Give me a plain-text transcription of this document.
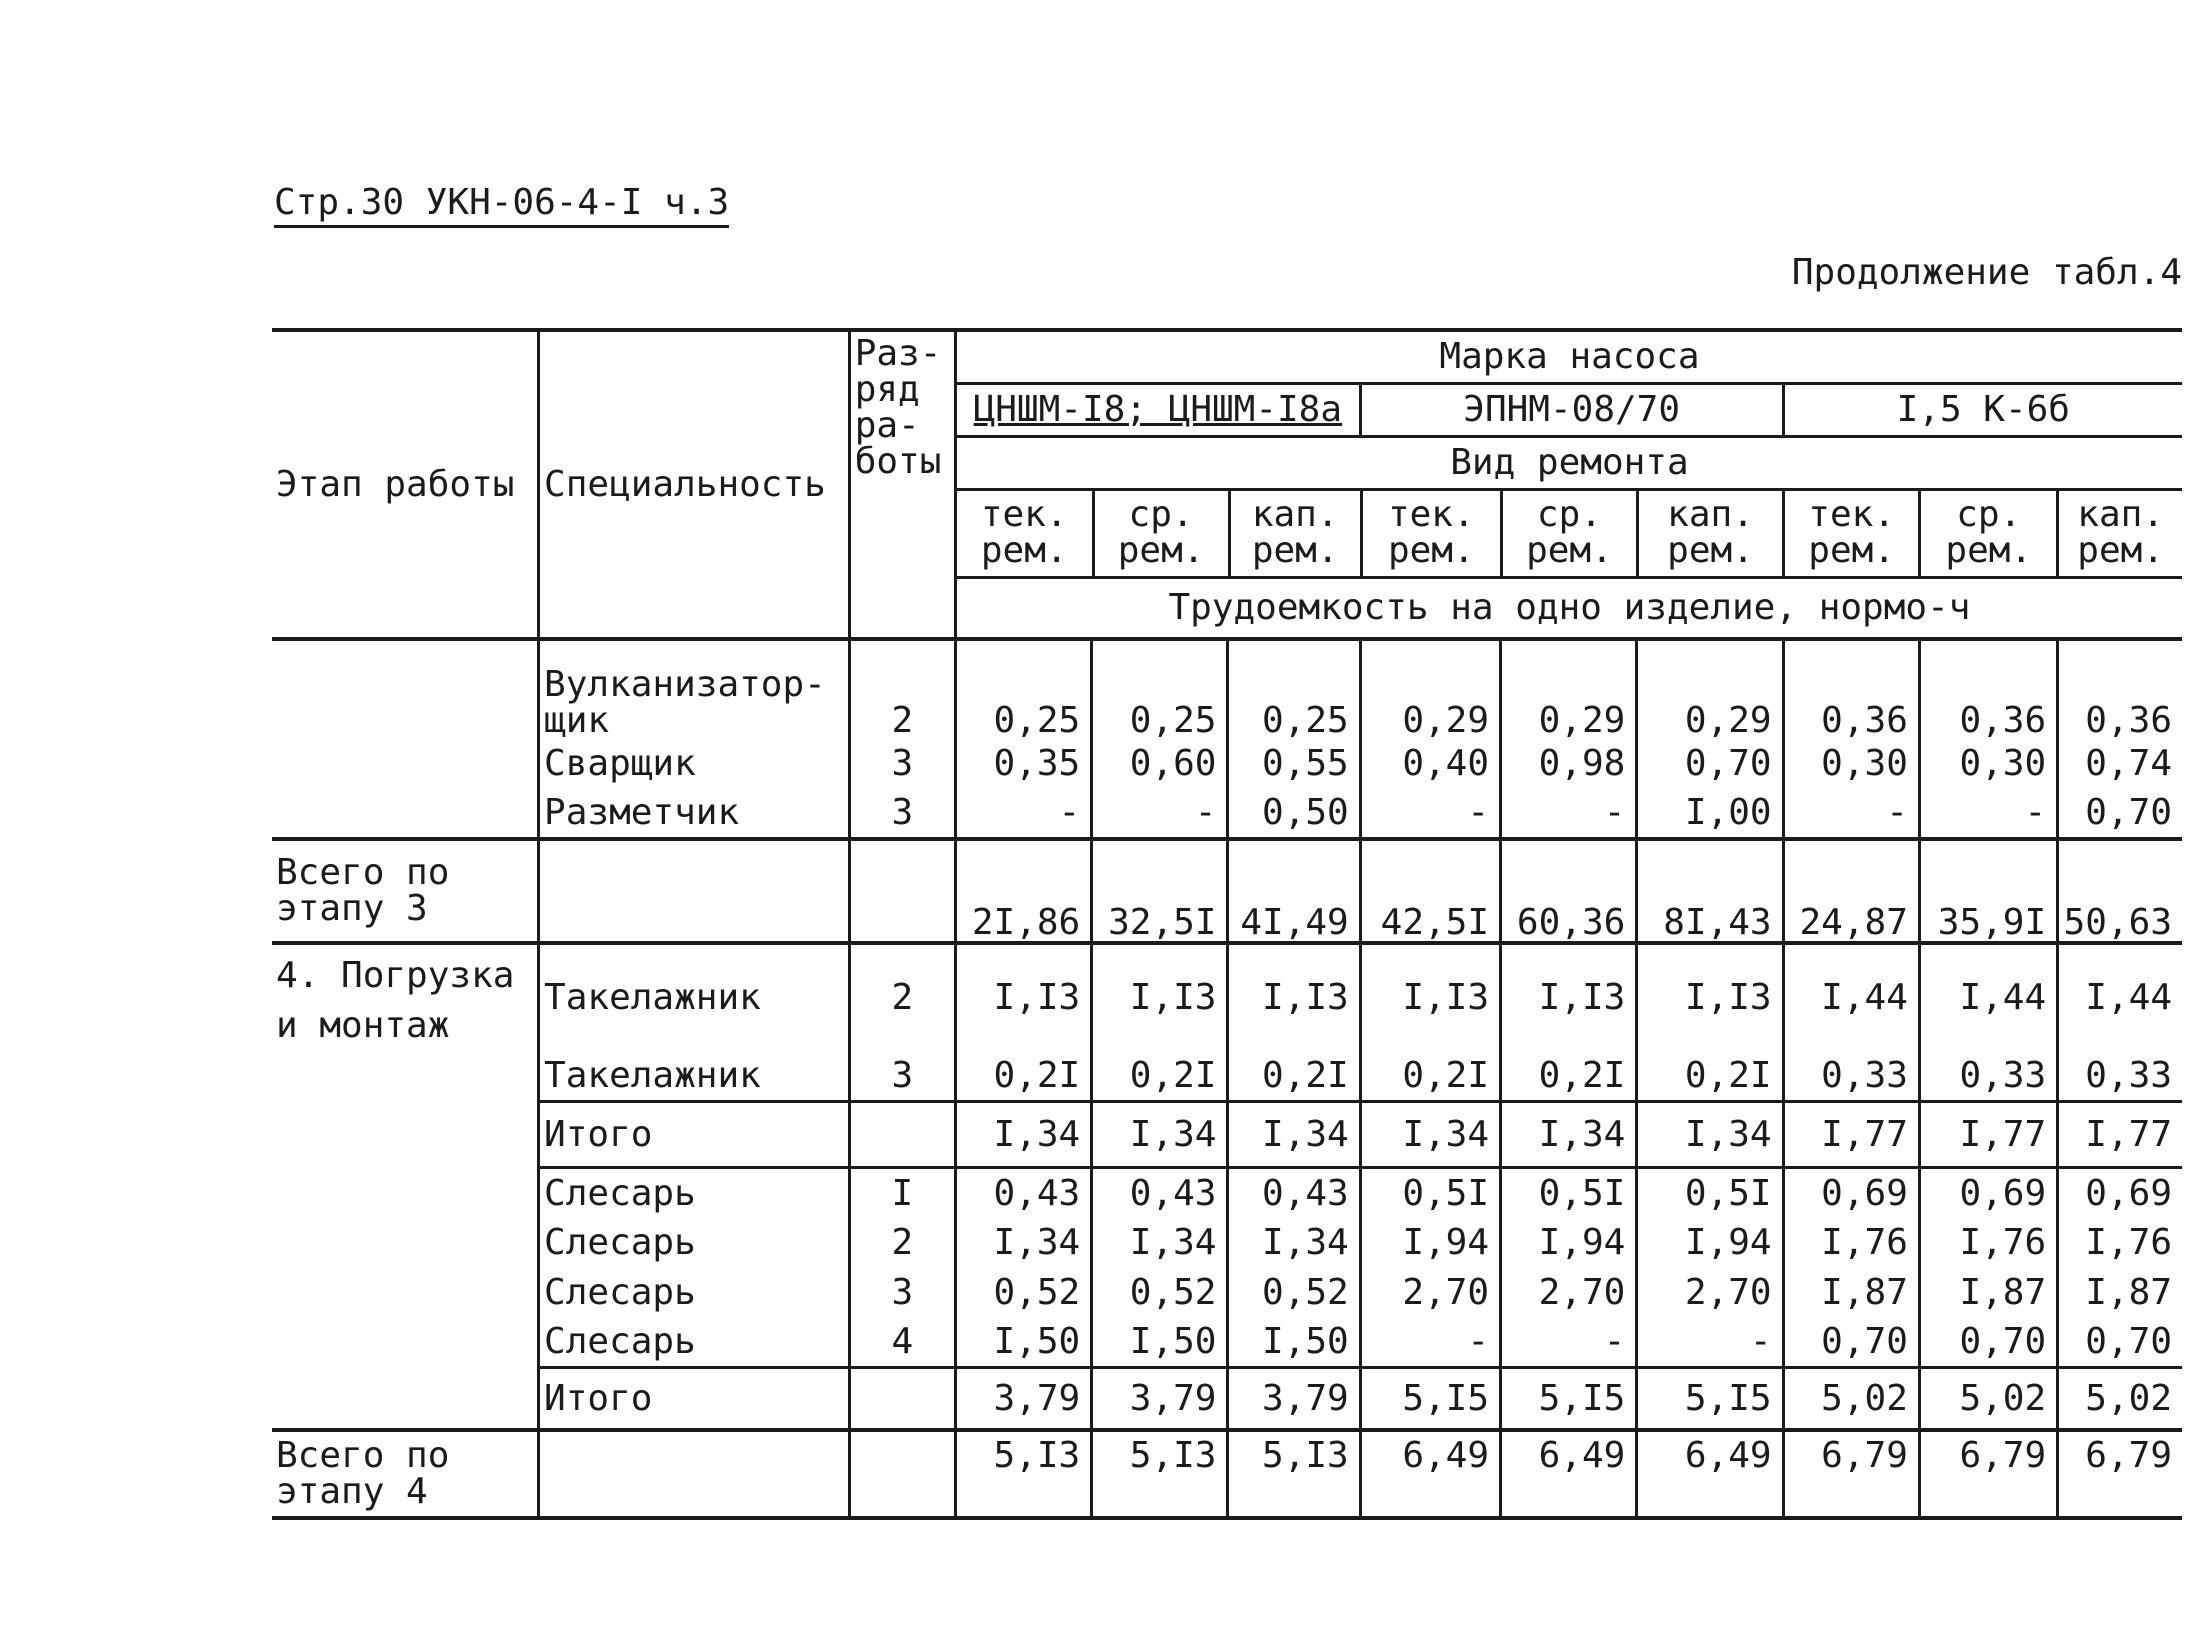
Стр.30 УКН-06-4-I ч.3
Продолжение табл.4
Этап работы	Специальность	Раз-ряд ра-боты	Марка насоса
ЦНШМ-I8; ЦНШМ-I8а	ЭПНМ-08/70	I,5 К-6б
Вид ремонта

тек. рем.	ср. рем.	кап. рем.	тек. рем.	ср. рем.	кап. рем.	тек. рем.	ср. рем.	кап. рем.
Трудоемкость на одно изделие, нормо-ч

	Вулканизатор-щик	2	0,25	0,25	0,25	0,29	0,29	0,29	0,36	0,36	0,36
	Сварщик	3	0,35	0,60	0,55	0,40	0,98	0,70	0,30	0,30	0,74
	Разметчик	3	-	-	0,50	-	-	I,00	-	-	0,70
Всего по этапу 3			2I,86	32,5I	4I,49	42,5I	60,36	8I,43	24,87	35,9I	50,63
4. Погрузка и монтаж	Такелажник	2	I,I3	I,I3	I,I3	I,I3	I,I3	I,I3	I,44	I,44	I,44
	Такелажник	3	0,2I	0,2I	0,2I	0,2I	0,2I	0,2I	0,33	0,33	0,33
	Итого		I,34	I,34	I,34	I,34	I,34	I,34	I,77	I,77	I,77
	Слесарь	I	0,43	0,43	0,43	0,5I	0,5I	0,5I	0,69	0,69	0,69
	Слесарь	2	I,34	I,34	I,34	I,94	I,94	I,94	I,76	I,76	I,76
	Слесарь	3	0,52	0,52	0,52	2,70	2,70	2,70	I,87	I,87	I,87
	Слесарь	4	I,50	I,50	I,50	-	-	-	0,70	0,70	0,70
	Итого		3,79	3,79	3,79	5,I5	5,I5	5,I5	5,02	5,02	5,02
Всего по этапу 4			5,I3	5,I3	5,I3	6,49	6,49	6,49	6,79	6,79	6,79
